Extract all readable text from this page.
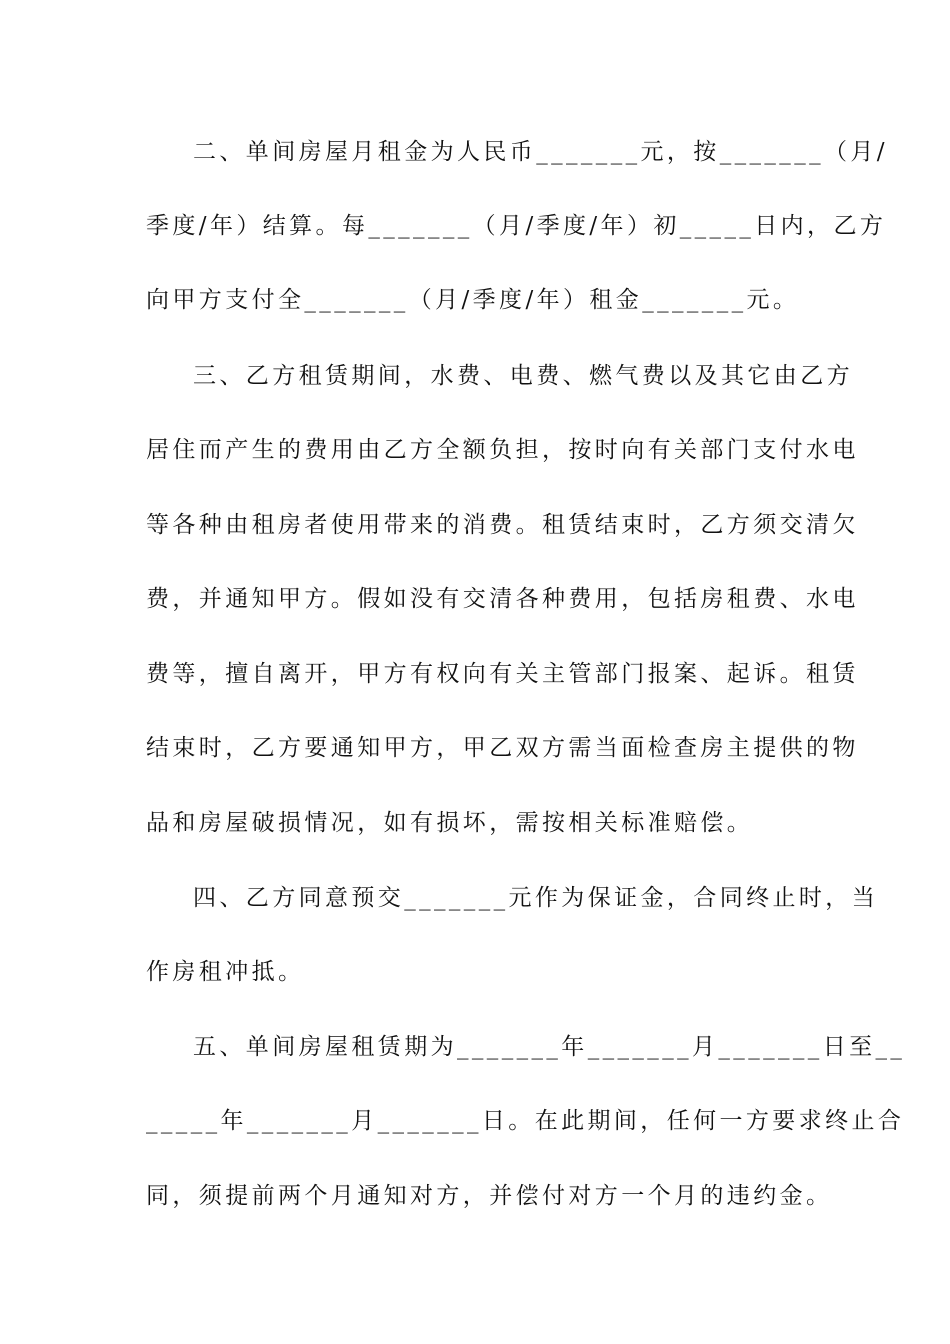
二、单间房屋月租金为人民币_______元，按_______（月/
季度/年）结算。每_______（月/季度/年）初_____日内，乙方
向甲方支付全_______（月/季度/年）租金_______元。
三、乙方租赁期间，水费、电费、燃气费以及其它由乙方
居住而产生的费用由乙方全额负担，按时向有关部门支付水电
等各种由租房者使用带来的消费。租赁结束时，乙方须交清欠
费，并通知甲方。假如没有交清各种费用，包括房租费、水电
费等，擅自离开，甲方有权向有关主管部门报案、起诉。租赁
结束时，乙方要通知甲方，甲乙双方需当面检查房主提供的物
品和房屋破损情况，如有损坏，需按相关标准赔偿。
四、乙方同意预交_______元作为保证金，合同终止时，当
作房租冲抵。
五、单间房屋租赁期为_______年_______月_______日至__
_____年_______月_______日。在此期间，任何一方要求终止合
同，须提前两个月通知对方，并偿付对方一个月的违约金。
